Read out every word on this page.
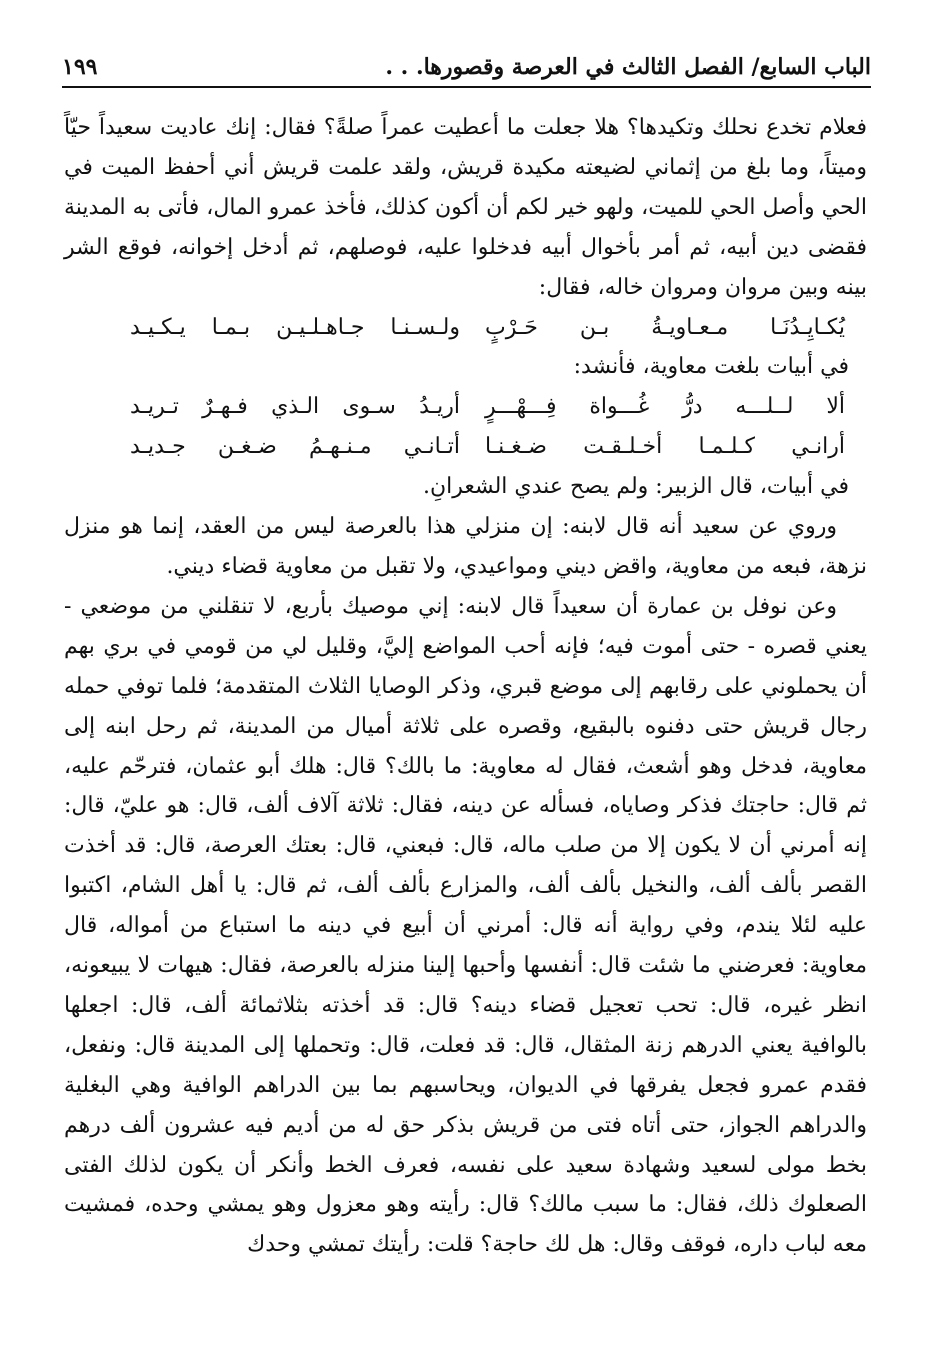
الباب السابع/ الفصل الثالث في العرصة وقصورها. . .
١٩٩

فعلام تخدع نحلك وتكيدها؟ هلا جعلت ما أعطيت عمراً صلةً؟ فقال: إنك عاديت سعيداً حيّاً وميتاً، وما بلغ من إثماني لضيعته مكيدة قريش، ولقد علمت قريش أني أحفظ الميت في الحي وأصل الحي للميت، ولهو خير لكم أن أكون كذلك، فأخذ عمرو المال، فأتى به المدينة فقضى دين أبيه، ثم أمر بأخوال أبيه فدخلوا عليه، فوصلهم، ثم أدخل إخوانه، فوقع الشر بينه وبين مروان ومروان خاله، فقال:

يُكـايِـدُنَـا مـعـاويـةُ بـن حَـرْبٍ
ولـسـنـا جـاهـلـيـن بـمـا يـكـيـد

في أبيات بلغت معاوية، فأنشد:

ألا لــلـــه درُّ غُـــواة فِـــهْـــرٍ
أريـدُ سـوى الـذي فـهـرٌ تـريـد
أرانـي كـلـمـا أخـلـقـت ضـغـنـا
أتـانـي مـنـهـمُ ضـغـن جـديـد

في أبيات، قال الزبير: ولم يصح عندي الشعرانِ.

وروي عن سعيد أنه قال لابنه: إن منزلي هذا بالعرصة ليس من العقد، إنما هو منزل نزهة، فبعه من معاوية، واقض ديني ومواعيدي، ولا تقبل من معاوية قضاء ديني.

وعن نوفل بن عمارة أن سعيداً قال لابنه: إني موصيك بأربع، لا تنقلني من موضعي - يعني قصره - حتى أموت فيه؛ فإنه أحب المواضع إليَّ، وقليل لي من قومي في بري بهم أن يحملوني على رقابهم إلى موضع قبري، وذكر الوصايا الثلاث المتقدمة؛ فلما توفي حمله رجال قريش حتى دفنوه بالبقيع، وقصره على ثلاثة أميال من المدينة، ثم رحل ابنه إلى معاوية، فدخل وهو أشعث، فقال له معاوية: ما بالك؟ قال: هلك أبو عثمان، فترحّم عليه، ثم قال: حاجتك فذكر وصاياه، فسأله عن دينه، فقال: ثلاثة آلاف ألف، قال: هو عليّ، قال: إنه أمرني أن لا يكون إلا من صلب ماله، قال: فبعني، قال: بعتك العرصة، قال: قد أخذت القصر بألف ألف، والنخيل بألف ألف، والمزارع بألف ألف، ثم قال: يا أهل الشام، اكتبوا عليه لئلا يندم، وفي رواية أنه قال: أمرني أن أبيع في دينه ما استباع من أمواله، قال معاوية: فعرضني ما شئت قال: أنفسها وأحبها إلينا منزله بالعرصة، فقال: هيهات لا يبيعونه، انظر غيره، قال: تحب تعجيل قضاء دينه؟ قال: قد أخذته بثلاثمائة ألف، قال: اجعلها بالوافية يعني الدرهم زنة المثقال، قال: قد فعلت، قال: وتحملها إلى المدينة قال: ونفعل، فقدم عمرو فجعل يفرقها في الديوان، ويحاسبهم بما بين الدراهم الوافية وهي البغلية والدراهم الجواز، حتى أتاه فتى من قريش بذكر حق له من أديم فيه عشرون ألف درهم بخط مولى لسعيد وشهادة سعيد على نفسه، فعرف الخط وأنكر أن يكون لذلك الفتى الصعلوك ذلك، فقال: ما سبب مالك؟ قال: رأيته وهو معزول وهو يمشي وحده، فمشيت معه لباب داره، فوقف وقال: هل لك حاجة؟ قلت: رأيتك تمشي وحدك
